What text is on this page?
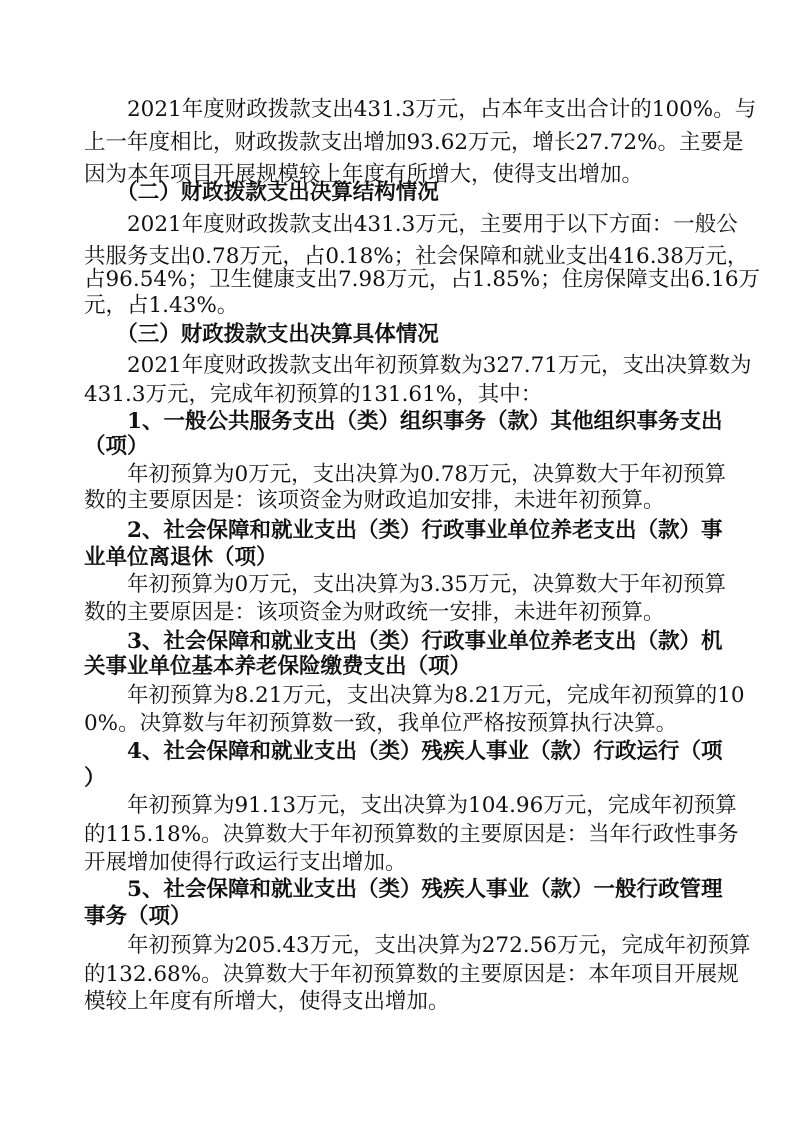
　　2021年度财政拨款支出431.3万元，占本年支出合计的100%。与
上一年度相比，财政拨款支出增加93.62万元，增长27.72%。主要是
因为本年项目开展规模较上年度有所增大，使得支出增加。
　　（二）财政拨款支出决算结构情况
　　2021年度财政拨款支出431.3万元，主要用于以下方面：一般公
共服务支出0.78万元，占0.18%；社会保障和就业支出416.38万元，
占96.54%；卫生健康支出7.98万元，占1.85%；住房保障支出6.16万
元，占1.43%。
　　（三）财政拨款支出决算具体情况
　　2021年度财政拨款支出年初预算数为327.71万元，支出决算数为
431.3万元，完成年初预算的131.61%，其中：
　　1、一般公共服务支出（类）组织事务（款）其他组织事务支出
（项）
　　年初预算为0万元，支出决算为0.78万元，决算数大于年初预算
数的主要原因是：该项资金为财政追加安排，未进年初预算。
　　2、社会保障和就业支出（类）行政事业单位养老支出（款）事
业单位离退休（项）
　　年初预算为0万元，支出决算为3.35万元，决算数大于年初预算
数的主要原因是：该项资金为财政统一安排，未进年初预算。
　　3、社会保障和就业支出（类）行政事业单位养老支出（款）机
关事业单位基本养老保险缴费支出（项）
　　年初预算为8.21万元，支出决算为8.21万元，完成年初预算的10
0%。决算数与年初预算数一致，我单位严格按预算执行决算。
　　4、社会保障和就业支出（类）残疾人事业（款）行政运行（项
）
　　年初预算为91.13万元，支出决算为104.96万元，完成年初预算
的115.18%。决算数大于年初预算数的主要原因是：当年行政性事务
开展增加使得行政运行支出增加。
　　5、社会保障和就业支出（类）残疾人事业（款）一般行政管理
事务（项）
　　年初预算为205.43万元，支出决算为272.56万元，完成年初预算
的132.68%。决算数大于年初预算数的主要原因是：本年项目开展规
模较上年度有所增大，使得支出增加。
